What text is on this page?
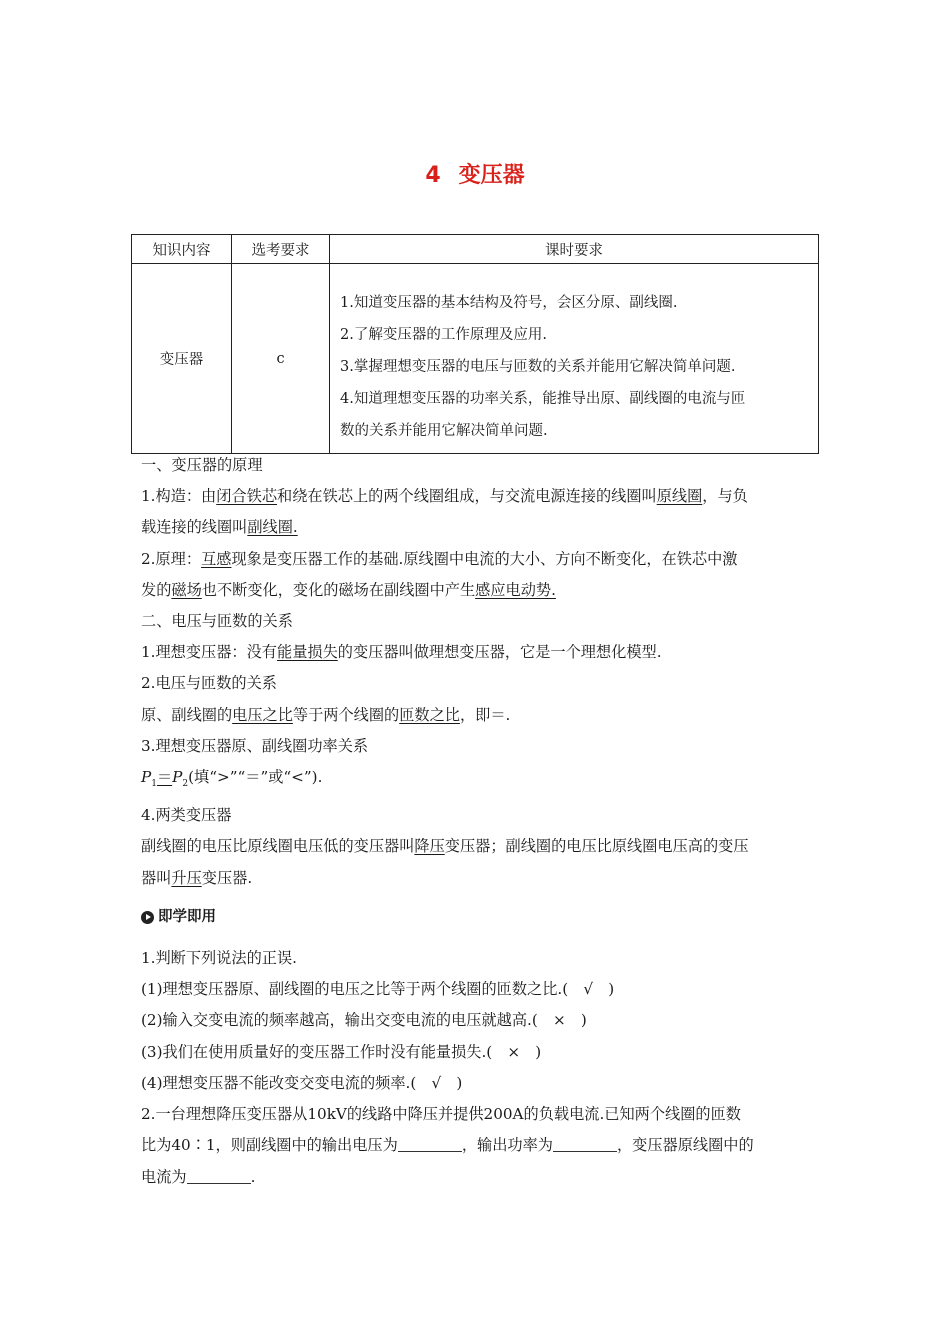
4 变压器
知识内容	选考要求	课时要求
变压器	c	1.知道变压器的基本结构及符号，会区分原、副线圈.
2.了解变压器的工作原理及应用.
3.掌握理想变压器的电压与匝数的关系并能用它解决简单问题.
4.知道理想变压器的功率关系，能推导出原、副线圈的电流与匝
数的关系并能用它解决简单问题.

一、变压器的原理

1.构造：由闭合铁芯和绕在铁芯上的两个线圈组成，与交流电源连接的线圈叫原线圈，与负

载连接的线圈叫副线圈.

2.原理：互感现象是变压器工作的基础.原线圈中电流的大小、方向不断变化，在铁芯中激

发的磁场也不断变化，变化的磁场在副线圈中产生感应电动势.

二、电压与匝数的关系

1.理想变压器：没有能量损失的变压器叫做理想变压器，它是一个理想化模型.

2.电压与匝数的关系

原、副线圈的电压之比等于两个线圈的匝数之比，即＝.

3.理想变压器原、副线圈功率关系

$P_1=P_2$(填“>”“＝”或“<”).

4.两类变压器

副线圈的电压比原线圈电压低的变压器叫降压变压器；副线圈的电压比原线圈电压高的变压

器叫升压变压器.

即学即用

1.判断下列说法的正误.

(1)理想变压器原、副线圈的电压之比等于两个线圈的匝数之比.(　√　)

(2)输入交变电流的频率越高，输出交变电流的电压就越高.(　×　)

(3)我们在使用质量好的变压器工作时没有能量损失.(　×　)

(4)理想变压器不能改变交变电流的频率.(　√　)

2.一台理想降压变压器从10kV的线路中降压并提供200A的负载电流.已知两个线圈的匝数

比为40∶1，则副线圈中的输出电压为	，输出功率为	，变压器原线圈中的

电流为	.
